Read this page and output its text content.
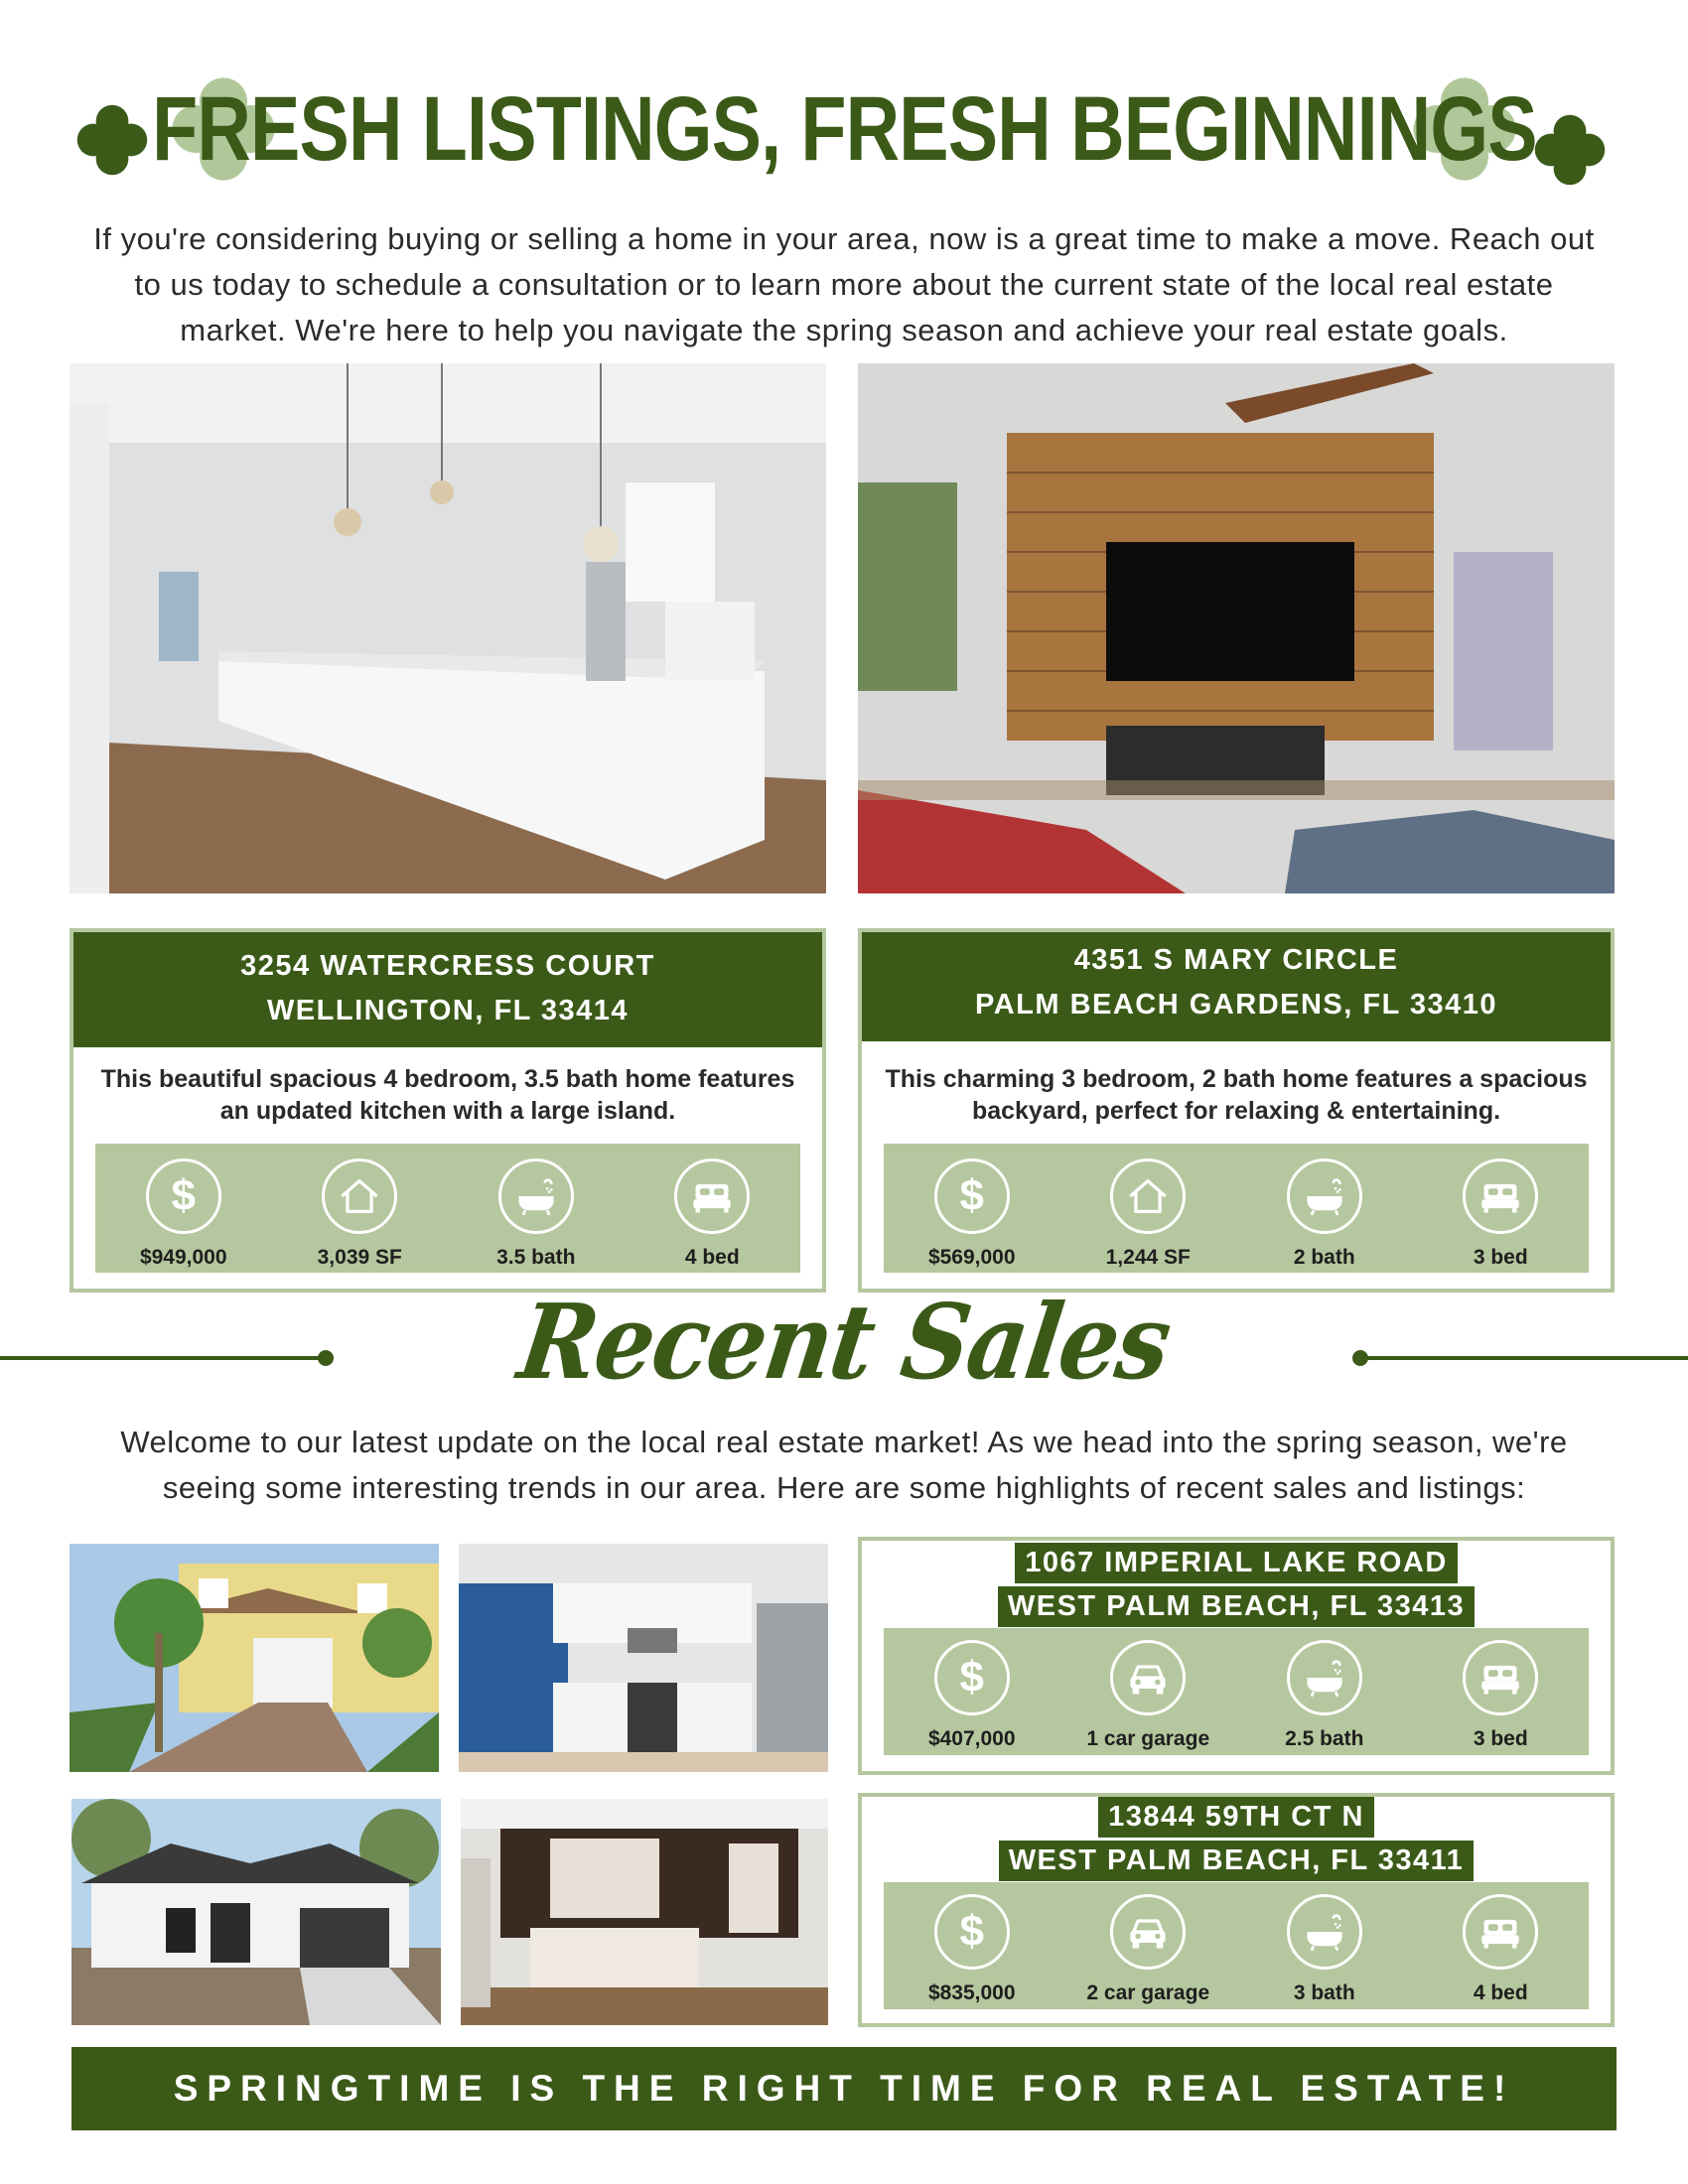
FRESH LISTINGS, FRESH BEGINNINGS
If you're considering buying or selling a home in your area, now is a great time to make a move. Reach out to us today to schedule a consultation or to learn more about the current state of the local real estate market. We're here to help you navigate the spring season and achieve your real estate goals.
3254 WATERCRESS COURT
WELLINGTON, FL 33414
This beautiful spacious 4 bedroom, 3.5 bath home features an updated kitchen with a large island.
$
$949,000	3,039 SF	3.5 bath	4 bed
4351 S MARY CIRCLE
PALM BEACH GARDENS, FL 33410
This charming 3 bedroom, 2 bath home features a spacious backyard, perfect for relaxing & entertaining.
$
$569,000	1,244 SF	2 bath	3 bed
Recent Sales
Welcome to our latest update on the local real estate market! As we head into the spring season, we're seeing some interesting trends in our area. Here are some highlights of recent sales and listings:
1067 IMPERIAL LAKE ROAD
WEST PALM BEACH, FL 33413
$
$407,000	1 car garage	2.5 bath	3 bed
13844 59TH CT N
WEST PALM BEACH, FL 33411
$
$835,000	2 car garage	3 bath	4 bed
SPRINGTIME IS THE RIGHT TIME FOR REAL ESTATE!
